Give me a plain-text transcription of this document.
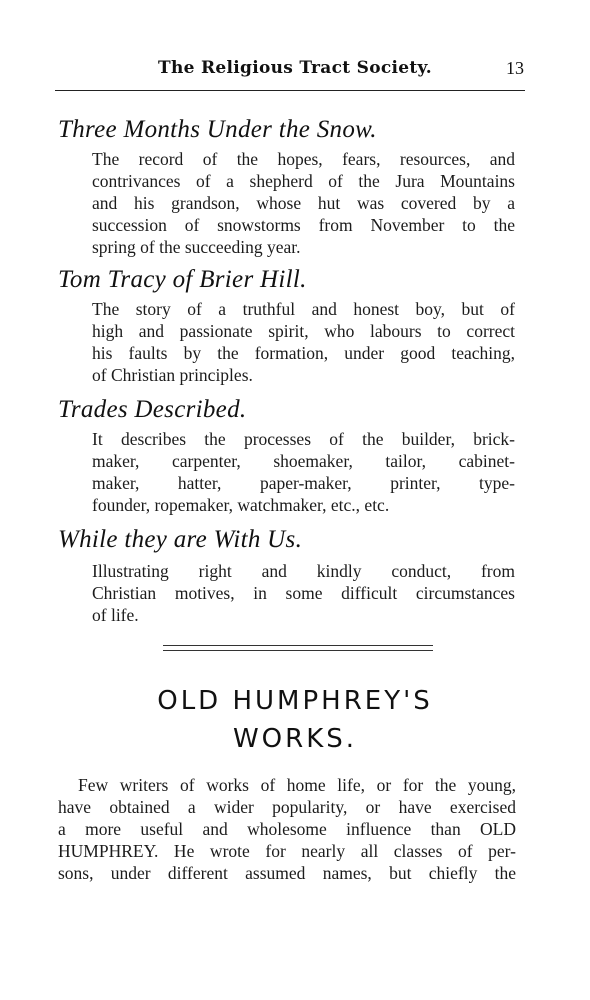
The Religious Tract Society.	13
Three Months Under the Snow.
The record of the hopes, fears, resources, and
contrivances of a shepherd of the Jura Mountains
and his grandson, whose hut was covered by a
succession of snowstorms from November to the
spring of the succeeding year.
Tom Tracy of Brier Hill.
The story of a truthful and honest boy, but of
high and passionate spirit, who labours to correct
his faults by the formation, under good teaching,
of Christian principles.
Trades Described.
It describes the processes of the builder, brick-
maker, carpenter, shoemaker, tailor, cabinet-
maker, hatter, paper-maker, printer, type-
founder, ropemaker, watchmaker, etc., etc.
While they are With Us.
Illustrating right and kindly conduct, from
Christian motives, in some difficult circumstances
of life.
OLD HUMPHREY'S
WORKS.
Few writers of works of home life, or for the young,
have obtained a wider popularity, or have exercised
a more useful and wholesome influence than OLD
HUMPHREY. He wrote for nearly all classes of per-
sons, under different assumed names, but chiefly the
